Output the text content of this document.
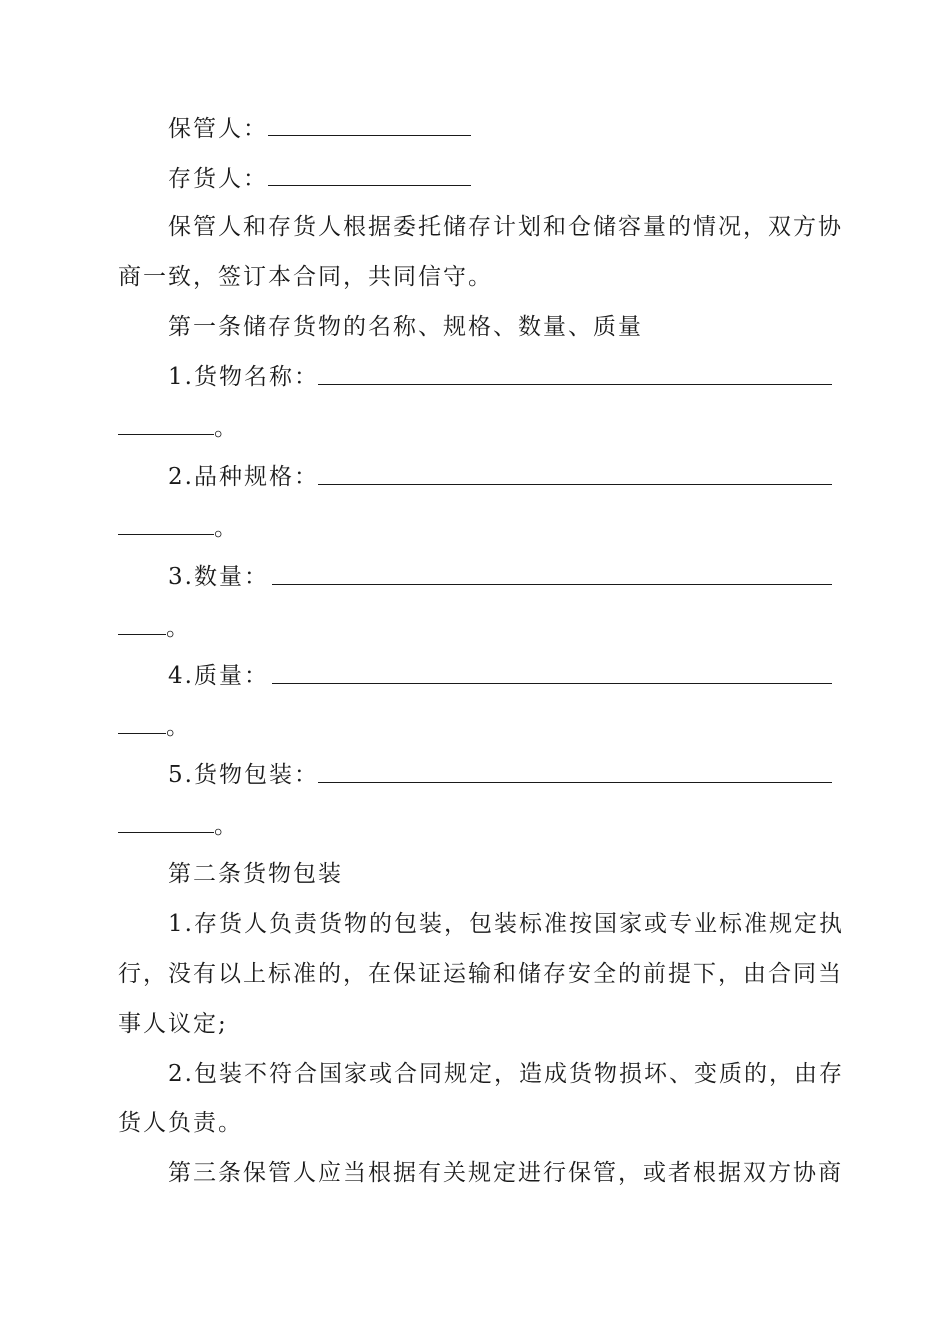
保管人：
存货人：
保管人和存货人根据委托储存计划和仓储容量的情况，双方协
商一致，签订本合同，共同信守。
第一条储存货物的名称、规格、数量、质量
1.货物名称：
。
2.品种规格：
。
3.数量：
。
4.质量：
。
5.货物包装：
。
第二条货物包装
1.存货人负责货物的包装，包装标准按国家或专业标准规定执
行，没有以上标准的，在保证运输和储存安全的前提下，由合同当
事人议定;
2.包装不符合国家或合同规定，造成货物损坏、变质的，由存
货人负责。
第三条保管人应当根据有关规定进行保管，或者根据双方协商
